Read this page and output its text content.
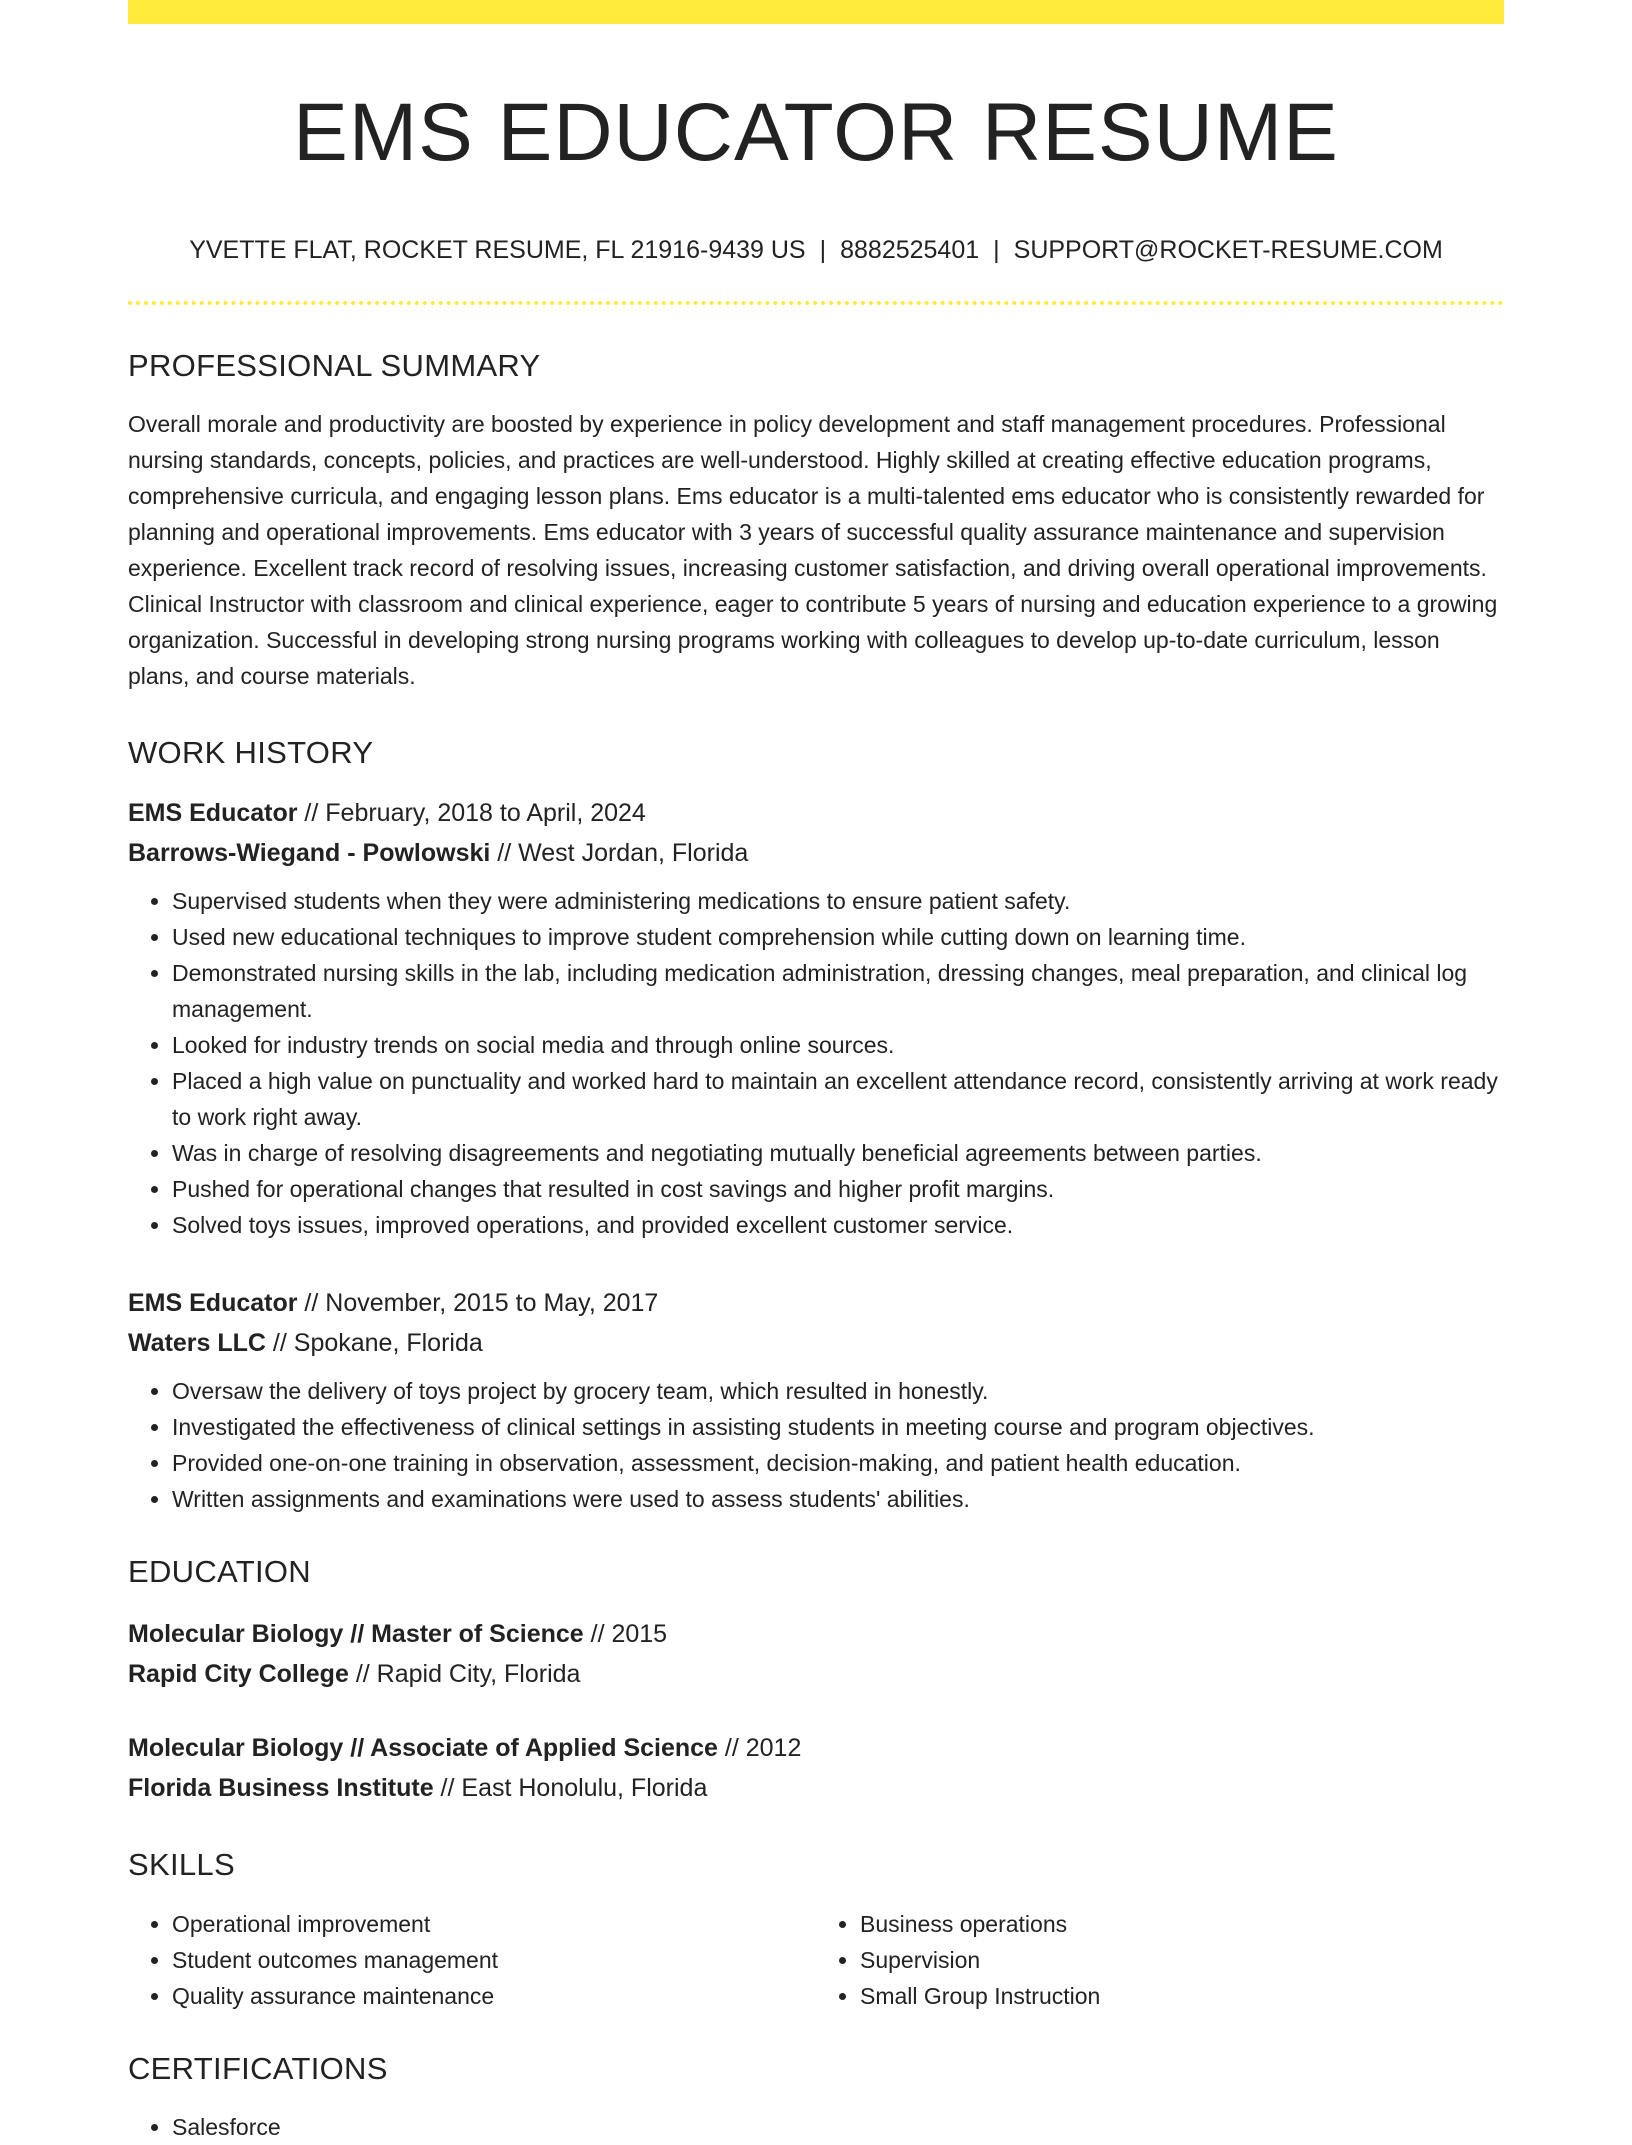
EMS EDUCATOR RESUME
YVETTE FLAT, ROCKET RESUME, FL 21916-9439 US | 8882525401 | SUPPORT@ROCKET-RESUME.COM
PROFESSIONAL SUMMARY
Overall morale and productivity are boosted by experience in policy development and staff management procedures. Professional nursing standards, concepts, policies, and practices are well-understood. Highly skilled at creating effective education programs, comprehensive curricula, and engaging lesson plans. Ems educator is a multi-talented ems educator who is consistently rewarded for planning and operational improvements. Ems educator with 3 years of successful quality assurance maintenance and supervision experience. Excellent track record of resolving issues, increasing customer satisfaction, and driving overall operational improvements. Clinical Instructor with classroom and clinical experience, eager to contribute 5 years of nursing and education experience to a growing organization. Successful in developing strong nursing programs working with colleagues to develop up-to-date curriculum, lesson plans, and course materials.
WORK HISTORY
EMS Educator // February, 2018 to April, 2024
Barrows-Wiegand - Powlowski // West Jordan, Florida
• Supervised students when they were administering medications to ensure patient safety.
• Used new educational techniques to improve student comprehension while cutting down on learning time.
• Demonstrated nursing skills in the lab, including medication administration, dressing changes, meal preparation, and clinical log management.
• Looked for industry trends on social media and through online sources.
• Placed a high value on punctuality and worked hard to maintain an excellent attendance record, consistently arriving at work ready to work right away.
• Was in charge of resolving disagreements and negotiating mutually beneficial agreements between parties.
• Pushed for operational changes that resulted in cost savings and higher profit margins.
• Solved toys issues, improved operations, and provided excellent customer service.
EMS Educator // November, 2015 to May, 2017
Waters LLC // Spokane, Florida
• Oversaw the delivery of toys project by grocery team, which resulted in honestly.
• Investigated the effectiveness of clinical settings in assisting students in meeting course and program objectives.
• Provided one-on-one training in observation, assessment, decision-making, and patient health education.
• Written assignments and examinations were used to assess students' abilities.
EDUCATION
Molecular Biology // Master of Science // 2015
Rapid City College // Rapid City, Florida
Molecular Biology // Associate of Applied Science // 2012
Florida Business Institute // East Honolulu, Florida
SKILLS
• Operational improvement
• Student outcomes management
• Quality assurance maintenance
• Business operations
• Supervision
• Small Group Instruction
CERTIFICATIONS
• Salesforce
